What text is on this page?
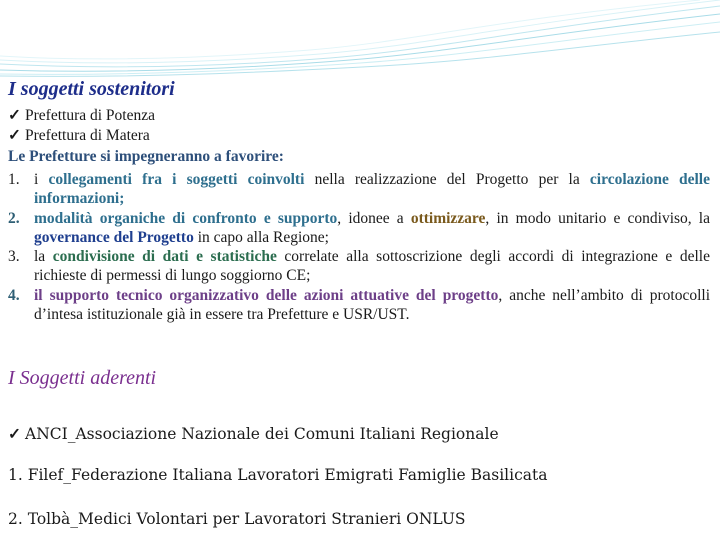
I soggetti sostenitori
✓ Prefettura di Potenza
✓ Prefettura di Matera
Le Prefetture si impegneranno a favorire:
1. i collegamenti fra i soggetti coinvolti nella realizzazione del Progetto per la circolazione delle informazioni;
2. modalità organiche di confronto e supporto, idonee a ottimizzare, in modo unitario e condiviso, la governance del Progetto in capo alla Regione;
3. la condivisione di dati e statistiche correlate alla sottoscrizione degli accordi di integrazione e delle richieste di permessi di lungo soggiorno CE;
4. il supporto tecnico organizzativo delle azioni attuative del progetto, anche nell’ambito di protocolli d’intesa istituzionale già in essere tra Prefetture e USR/UST.
I Soggetti aderenti
✓ ANCI_Associazione Nazionale dei Comuni Italiani Regionale
1. Filef_Federazione Italiana Lavoratori Emigrati Famiglie Basilicata
2. Tolbà_Medici Volontari per Lavoratori Stranieri ONLUS
